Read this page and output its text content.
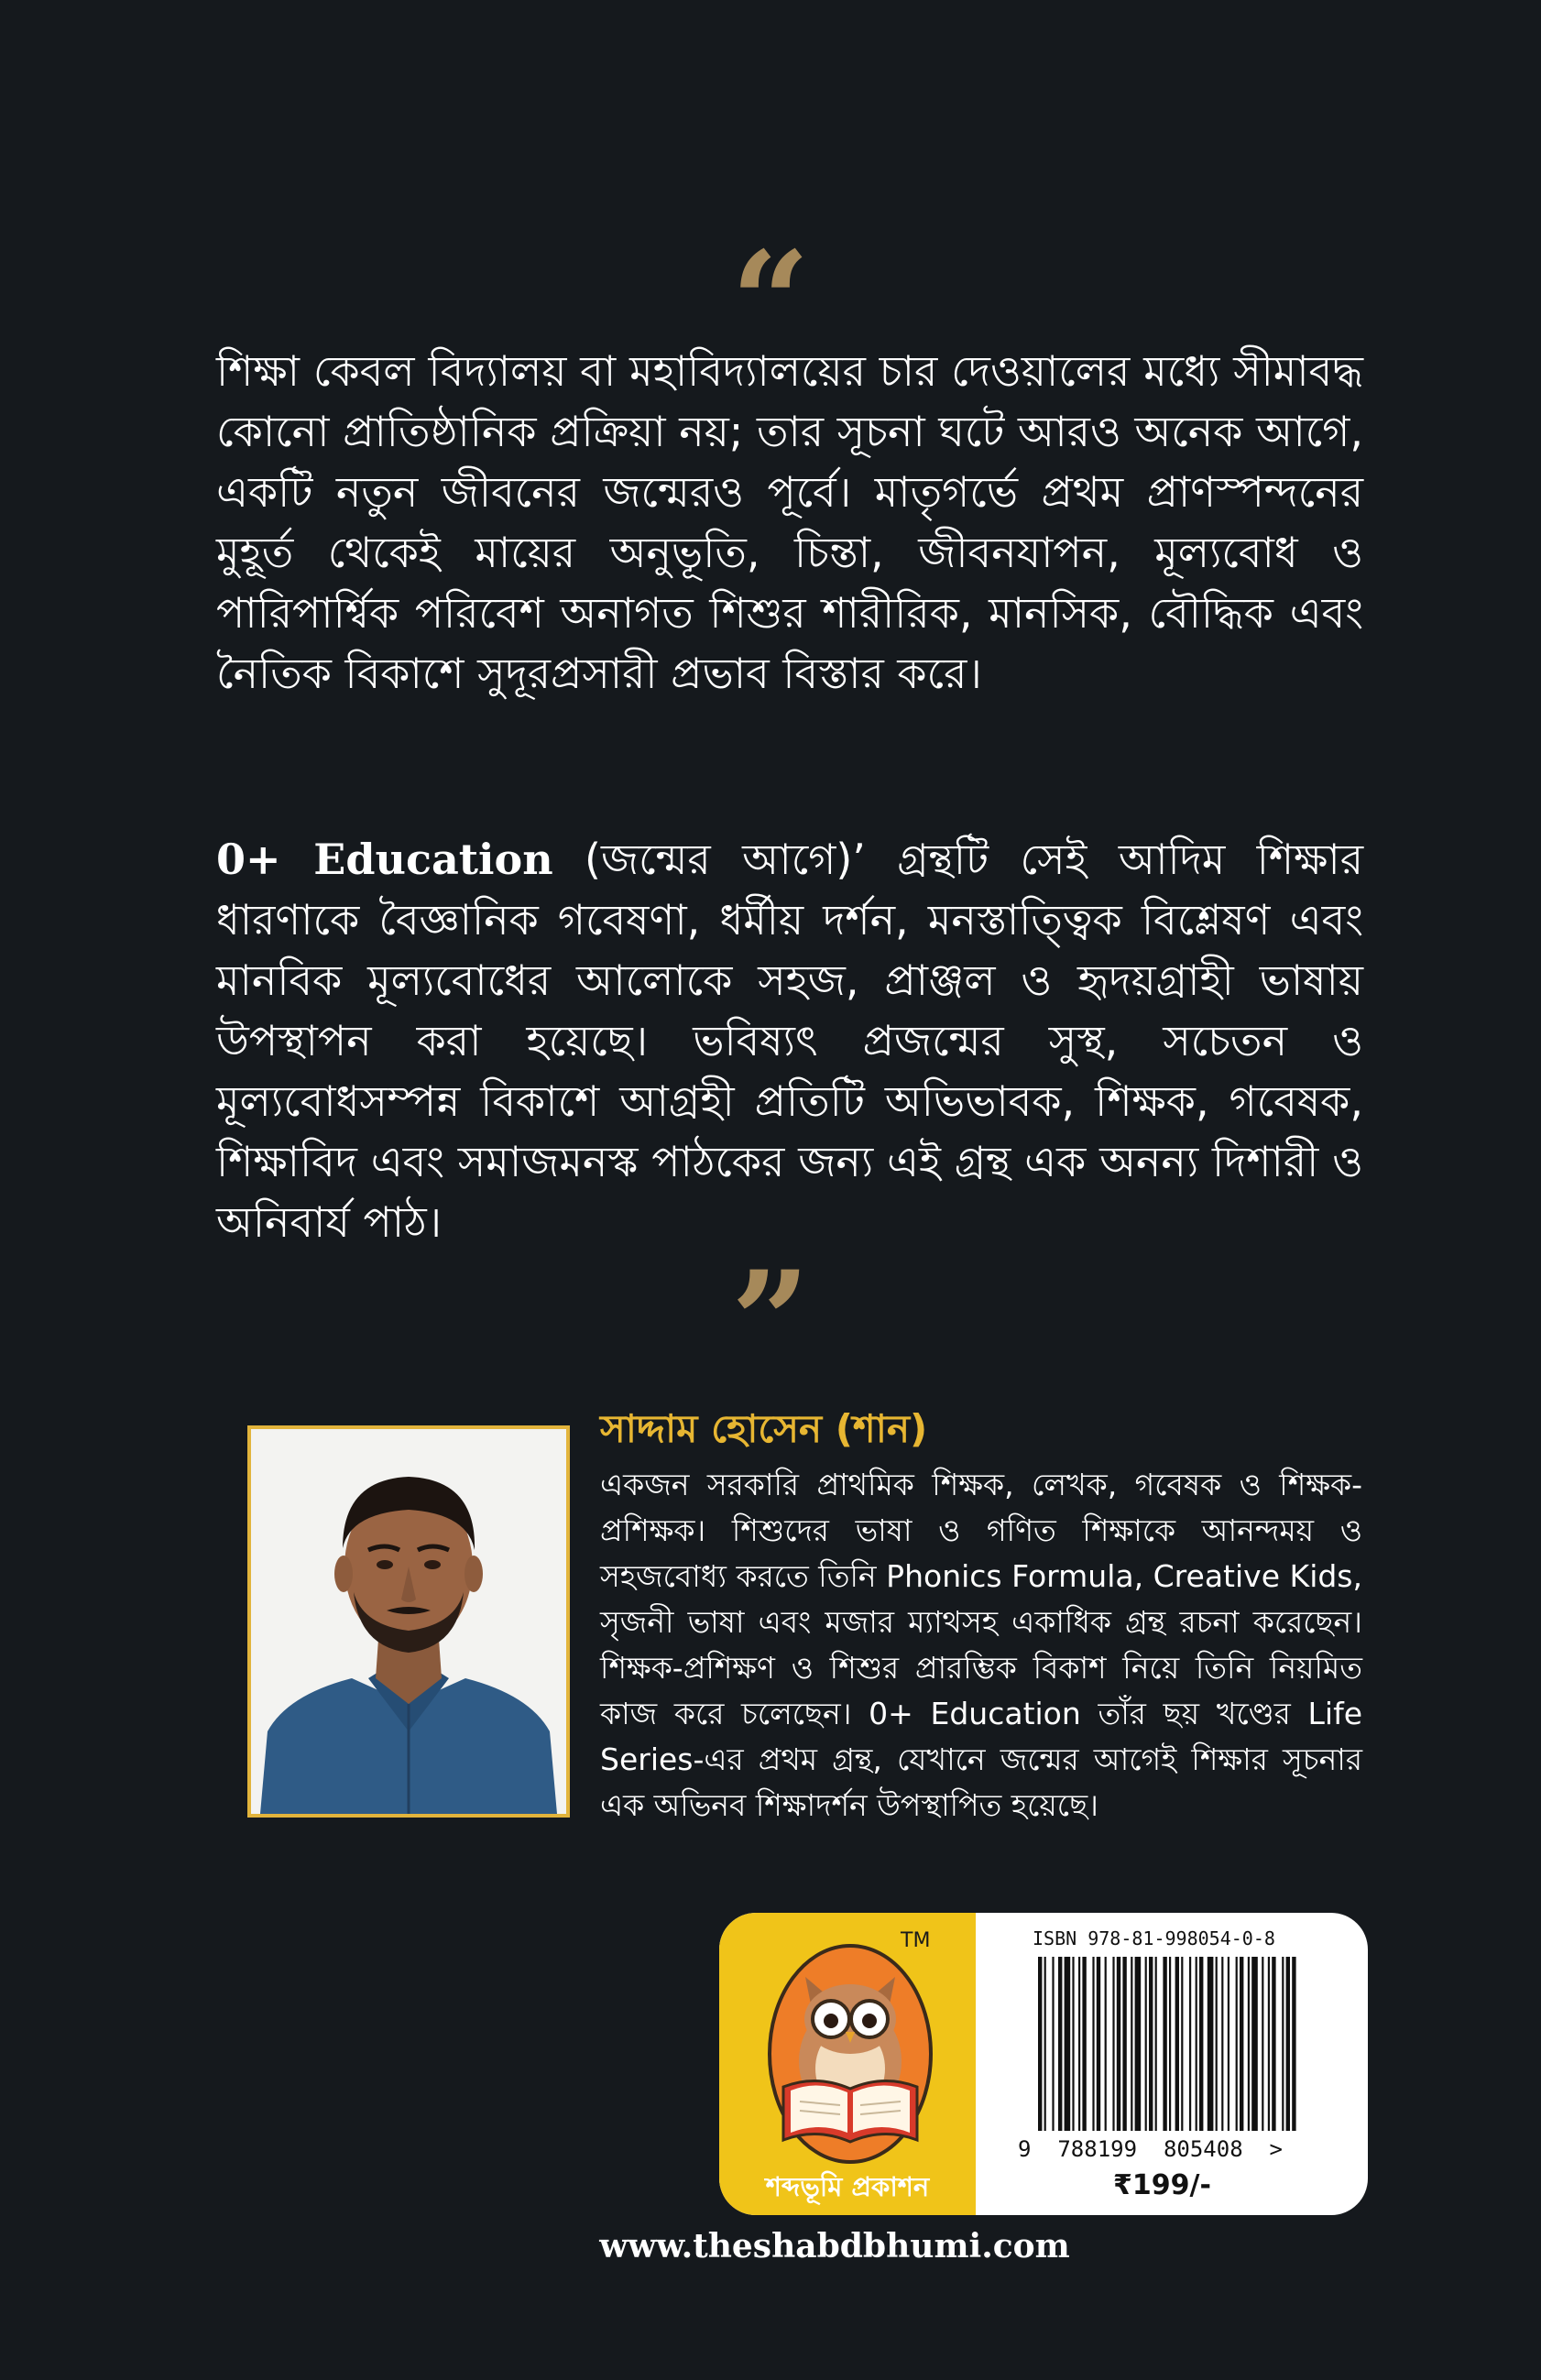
“

শিক্ষা কেবল বিদ্যালয় বা মহাবিদ্যালয়ের চার দেওয়ালের মধ্যে সীমাবদ্ধ কোনো প্রাতিষ্ঠানিক প্রক্রিয়া নয়; তার সূচনা ঘটে আরও অনেক আগে, একটি নতুন জীবনের জন্মেরও পূর্বে। মাতৃগর্ভে প্রথম প্রাণস্পন্দনের মুহূর্ত থেকেই মায়ের অনুভূতি, চিন্তা, জীবনযাপন, মূল্যবোধ ও পারিপার্শ্বিক পরিবেশ অনাগত শিশুর শারীরিক, মানসিক, বৌদ্ধিক এবং নৈতিক বিকাশে সুদূরপ্রসারী প্রভাব বিস্তার করে।

0+ Education (জন্মের আগে)’ গ্রন্থটি সেই আদিম শিক্ষার ধারণাকে বৈজ্ঞানিক গবেষণা, ধর্মীয় দর্শন, মনস্তাত্ত্বিক বিশ্লেষণ এবং মানবিক মূল্যবোধের আলোকে সহজ, প্রাঞ্জল ও হৃদয়গ্রাহী ভাষায় উপস্থাপন করা হয়েছে। ভবিষ্যৎ প্রজন্মের সুস্থ, সচেতন ও মূল্যবোধসম্পন্ন বিকাশে আগ্রহী প্রতিটি অভিভাবক, শিক্ষক, গবেষক, শিক্ষাবিদ এবং সমাজমনস্ক পাঠকের জন্য এই গ্রন্থ এক অনন্য দিশারী ও অনিবার্য পাঠ।

”
সাদ্দাম হোসেন (শান)

একজন সরকারি প্রাথমিক শিক্ষক, লেখক, গবেষক ও শিক্ষক-প্রশিক্ষক। শিশুদের ভাষা ও গণিত শিক্ষাকে আনন্দময় ও সহজবোধ্য করতে তিনি Phonics Formula, Creative Kids, সৃজনী ভাষা এবং মজার ম্যাথসহ একাধিক গ্রন্থ রচনা করেছেন। শিক্ষক-প্রশিক্ষণ ও শিশুর প্রারম্ভিক বিকাশ নিয়ে তিনি নিয়মিত কাজ করে চলেছেন। 0+ Education তাঁর ছয় খণ্ডের Life Series-এর প্রথম গ্রন্থ, যেখানে জন্মের আগেই শিক্ষার সূচনার এক অভিনব শিক্ষাদর্শন উপস্থাপিত হয়েছে।

TM
শব্দভূমি প্রকাশন
ISBN 978-81-998054-0-8
9  788199  805408  >
₹199/-
www.theshabdbhumi.com
